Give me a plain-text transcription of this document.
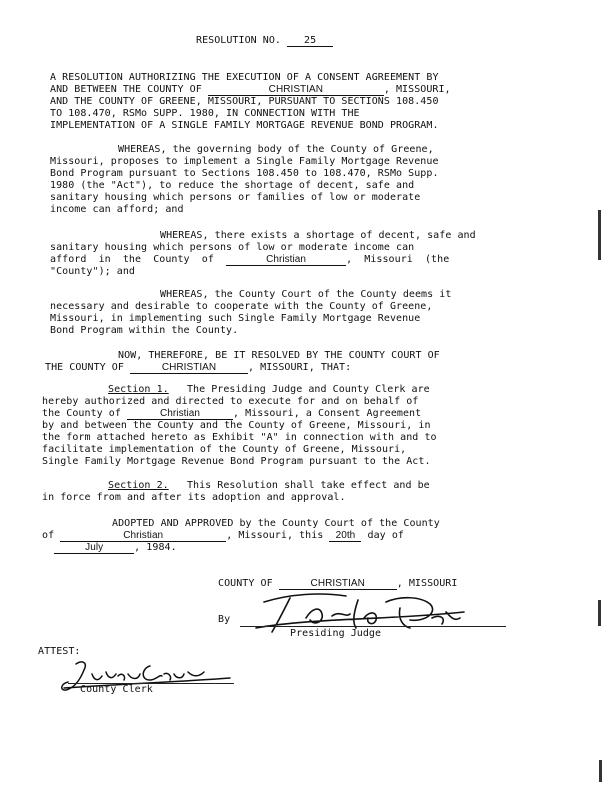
RESOLUTION NO. 25
A RESOLUTION AUTHORIZING THE EXECUTION OF A CONSENT AGREEMENT BY
AND BETWEEN THE COUNTY OF	CHRISTIAN	, MISSOURI,
AND THE COUNTY OF GREENE, MISSOURI, PURSUANT TO SECTIONS 108.450
TO 108.470, RSMo SUPP. 1980, IN CONNECTION WITH THE
IMPLEMENTATION OF A SINGLE FAMILY MORTGAGE REVENUE BOND PROGRAM.
WHEREAS, the governing body of the County of Greene,
Missouri, proposes to implement a Single Family Mortgage Revenue
Bond Program pursuant to Sections 108.450 to 108.470, RSMo Supp.
1980 (the "Act"), to reduce the shortage of decent, safe and
sanitary housing which persons or families of low or moderate
income can afford; and
WHEREAS, there exists a shortage of decent, safe and
sanitary housing which persons of low or moderate income can
afford  in  the  County  of	Christian	,  Missouri  (the
"County"); and
WHEREAS, the County Court of the County deems it
necessary and desirable to cooperate with the County of Greene,
Missouri, in implementing such Single Family Mortgage Revenue
Bond Program within the County.
NOW, THEREFORE, BE IT RESOLVED BY THE COUNTY COURT OF
THE COUNTY OF	CHRISTIAN	, MISSOURI, THAT:
Section 1. The Presiding Judge and County Clerk are
hereby authorized and directed to execute for and on behalf of
the County of	Christian	, Missouri, a Consent Agreement
by and between the County and the County of Greene, Missouri, in
the form attached hereto as Exhibit "A" in connection with and to
facilitate implementation of the County of Greene, Missouri,
Single Family Mortgage Revenue Bond Program pursuant to the Act.
Section 2. This Resolution shall take effect and be
in force from and after its adoption and approval.
ADOPTED AND APPROVED by the County Court of the County
of	Christian	, Missouri, this 20th day of
July	, 1984.
COUNTY OF	CHRISTIAN	, MISSOURI
By
Presiding Judge
ATTEST:
County Clerk
